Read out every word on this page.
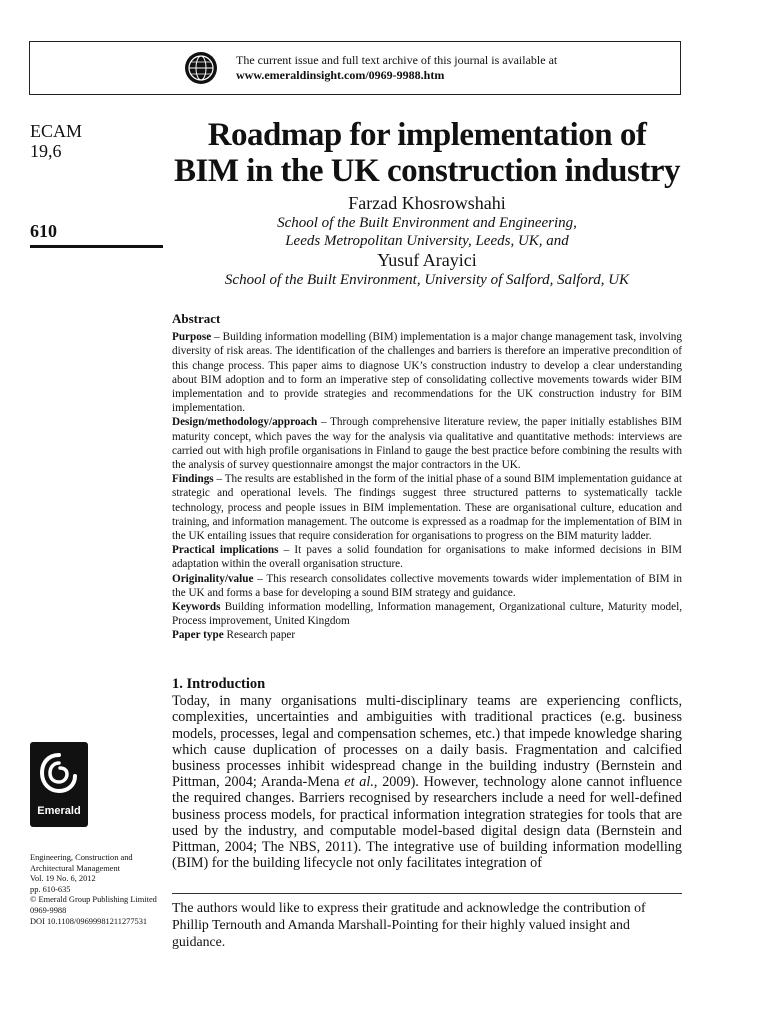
The current issue and full text archive of this journal is available at
www.emeraldinsight.com/0969-9988.htm
ECAM
19,6
610
Roadmap for implementation of
BIM in the UK construction industry
Farzad Khosrowshahi
School of the Built Environment and Engineering,
Leeds Metropolitan University, Leeds, UK, and
Yusuf Arayici
School of the Built Environment, University of Salford, Salford, UK
Abstract

Purpose – Building information modelling (BIM) implementation is a major change management task, involving diversity of risk areas. The identification of the challenges and barriers is therefore an imperative precondition of this change process. This paper aims to diagnose UK’s construction industry to develop a clear understanding about BIM adoption and to form an imperative step of consolidating collective movements towards wider BIM implementation and to provide strategies and recommendations for the UK construction industry for BIM implementation.

Design/methodology/approach – Through comprehensive literature review, the paper initially establishes BIM maturity concept, which paves the way for the analysis via qualitative and quantitative methods: interviews are carried out with high profile organisations in Finland to gauge the best practice before combining the results with the analysis of survey questionnaire amongst the major contractors in the UK.

Findings – The results are established in the form of the initial phase of a sound BIM implementation guidance at strategic and operational levels. The findings suggest three structured patterns to systematically tackle technology, process and people issues in BIM implementation. These are organisational culture, education and training, and information management. The outcome is expressed as a roadmap for the implementation of BIM in the UK entailing issues that require consideration for organisations to progress on the BIM maturity ladder.

Practical implications – It paves a solid foundation for organisations to make informed decisions in BIM adaptation within the overall organisation structure.

Originality/value – This research consolidates collective movements towards wider implementation of BIM in the UK and forms a base for developing a sound BIM strategy and guidance.

Keywords Building information modelling, Information management, Organizational culture, Maturity model, Process improvement, United Kingdom

Paper type Research paper

1. Introduction

Today, in many organisations multi-disciplinary teams are experiencing conflicts, complexities, uncertainties and ambiguities with traditional practices (e.g. business models, processes, legal and compensation schemes, etc.) that impede knowledge sharing which cause duplication of processes on a daily basis. Fragmentation and calcified business processes inhibit widespread change in the building industry (Bernstein and Pittman, 2004; Aranda-Mena et al., 2009). However, technology alone cannot influence the required changes. Barriers recognised by researchers include a need for well-defined business process models, for practical information integration strategies for tools that are used by the industry, and computable model-based digital design data (Bernstein and Pittman, 2004; The NBS, 2011). The integrative use of building information modelling (BIM) for the building lifecycle not only facilitates integration of

The authors would like to express their gratitude and acknowledge the contribution of Phillip Ternouth and Amanda Marshall-Pointing for their highly valued insight and guidance.
Emerald
Engineering, Construction and
Architectural Management
Vol. 19 No. 6, 2012
pp. 610-635
© Emerald Group Publishing Limited
0969-9988
DOI 10.1108/09699981211277531
